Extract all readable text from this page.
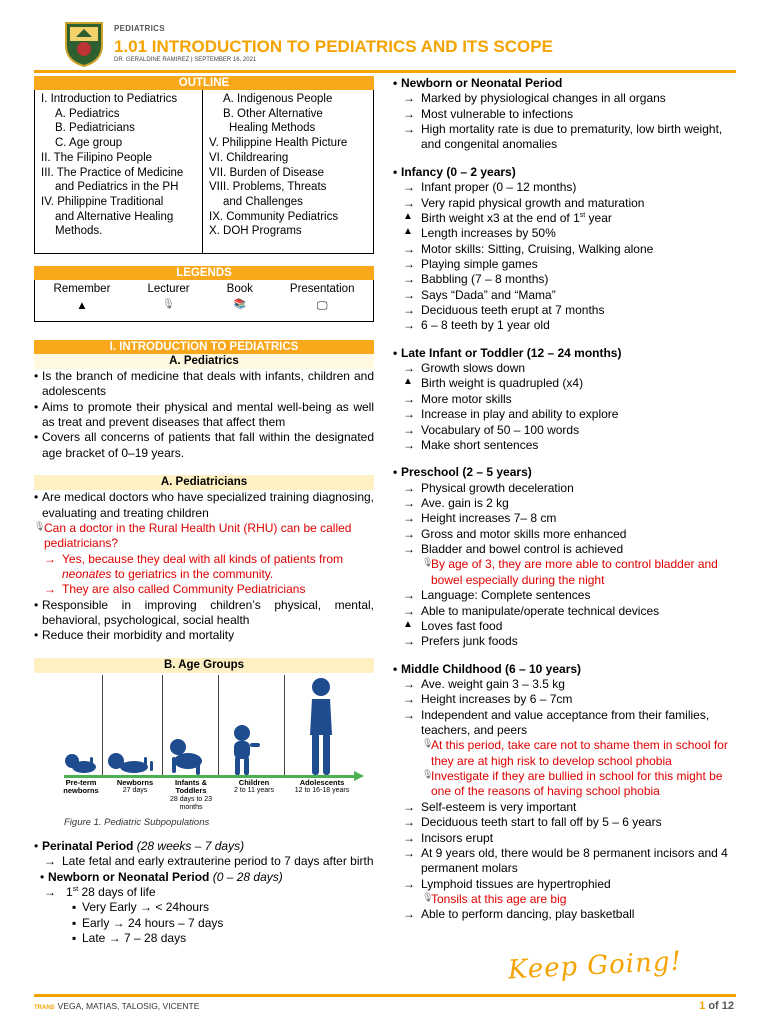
PEDIATRICS
1.01 INTRODUCTION TO PEDIATRICS AND ITS SCOPE
DR. GERALDINE RAMIREZ | SEPTEMBER 16, 2021
OUTLINE
I. Introduction to Pediatrics
A. Pediatrics
B. Pediatricians
C. Age group
II. The Filipino People
III. The Practice of Medicine
and Pediatrics in the PH
IV. Philippine Traditional
and Alternative Healing
Methods.
A. Indigenous People
B. Other Alternative
Healing Methods
V. Philippine Health Picture
VI. Childrearing
VII. Burden of Disease
VIII. Problems, Threats
and Challenges
IX. Community Pediatrics
X. DOH Programs
LEGENDS
Remember
▲
Lecturer
🎙
Book
📚
Presentation
🖵
I. INTRODUCTION TO PEDIATRICS
A. Pediatrics
• Is the branch of medicine that deals with infants, children and adolescents
• Aims to promote their physical and mental well-being as well as treat and prevent diseases that affect them
• Covers all concerns of patients that fall within the designated age bracket of 0–19 years.
A. Pediatricians
• Are medical doctors who have specialized training diagnosing, evaluating and treating children
🎙 Can a doctor in the Rural Health Unit (RHU) can be called pediatricians?
→ Yes, because they deal with all kinds of patients from neonates to geriatrics in the community.
→ They are also called Community Pediatricians
• Responsible in improving children’s physical, mental, behavioral, psychological, social health
• Reduce their morbidity and mortality
B. Age Groups
Pre-term newborns
Newborns
27 days
Infants & Toddlers
28 days to 23 months
Children
2 to 11 years
Adolescents
12 to 16-18 years
Figure 1. Pediatric Subpopulations
• Perinatal Period (28 weeks – 7 days)
→ Late fetal and early extrauterine period to 7 days after birth
• Newborn or Neonatal Period (0 – 28 days)
→ 1st 28 days of life
▪ Very Early → < 24hours
▪ Early → 24 hours – 7 days
▪ Late → 7 – 28 days
• Newborn or Neonatal Period
→ Marked by physiological changes in all organs
→ Most vulnerable to infections
→ High mortality rate is due to prematurity, low birth weight, and congenital anomalies
• Infancy (0 – 2 years)
→ Infant proper (0 – 12 months)
→ Very rapid physical growth and maturation
▲ Birth weight x3 at the end of 1st year
▲ Length increases by 50%
→ Motor skills: Sitting, Cruising, Walking alone
→ Playing simple games
→ Babbling (7 – 8 months)
→ Says “Dada” and “Mama”
→ Deciduous teeth erupt at 7 months
→ 6 – 8 teeth by 1 year old
• Late Infant or Toddler (12 – 24 months)
→ Growth slows down
▲ Birth weight is quadrupled (x4)
→ More motor skills
→ Increase in play and ability to explore
→ Vocabulary of 50 – 100 words
→ Make short sentences
• Preschool (2 – 5 years)
→ Physical growth deceleration
→ Ave. gain is 2 kg
→ Height increases 7– 8 cm
→ Gross and motor skills more enhanced
→ Bladder and bowel control is achieved
🎙 By age of 3, they are more able to control bladder and bowel especially during the night
→ Language: Complete sentences
→ Able to manipulate/operate technical devices
▲ Loves fast food
→ Prefers junk foods
• Middle Childhood (6 – 10 years)
→ Ave. weight gain 3 – 3.5 kg
→ Height increases by 6 – 7cm
→ Independent and value acceptance from their families, teachers, and peers
🎙 At this period, take care not to shame them in school for they are at high risk to develop school phobia
🎙 Investigate if they are bullied in school for this might be one of the reasons of having school phobia
→ Self-esteem is very important
→ Deciduous teeth start to fall off by 5 – 6 years
→ Incisors erupt
→ At 9 years old, there would be 8 permanent incisors and 4 permanent molars
→ Lymphoid tissues are hypertrophied
🎙 Tonsils at this age are big
→ Able to perform dancing, play basketball
Keep Going!
TRANS VEGA, MATIAS, TALOSIG, VICENTE	1 of 12
